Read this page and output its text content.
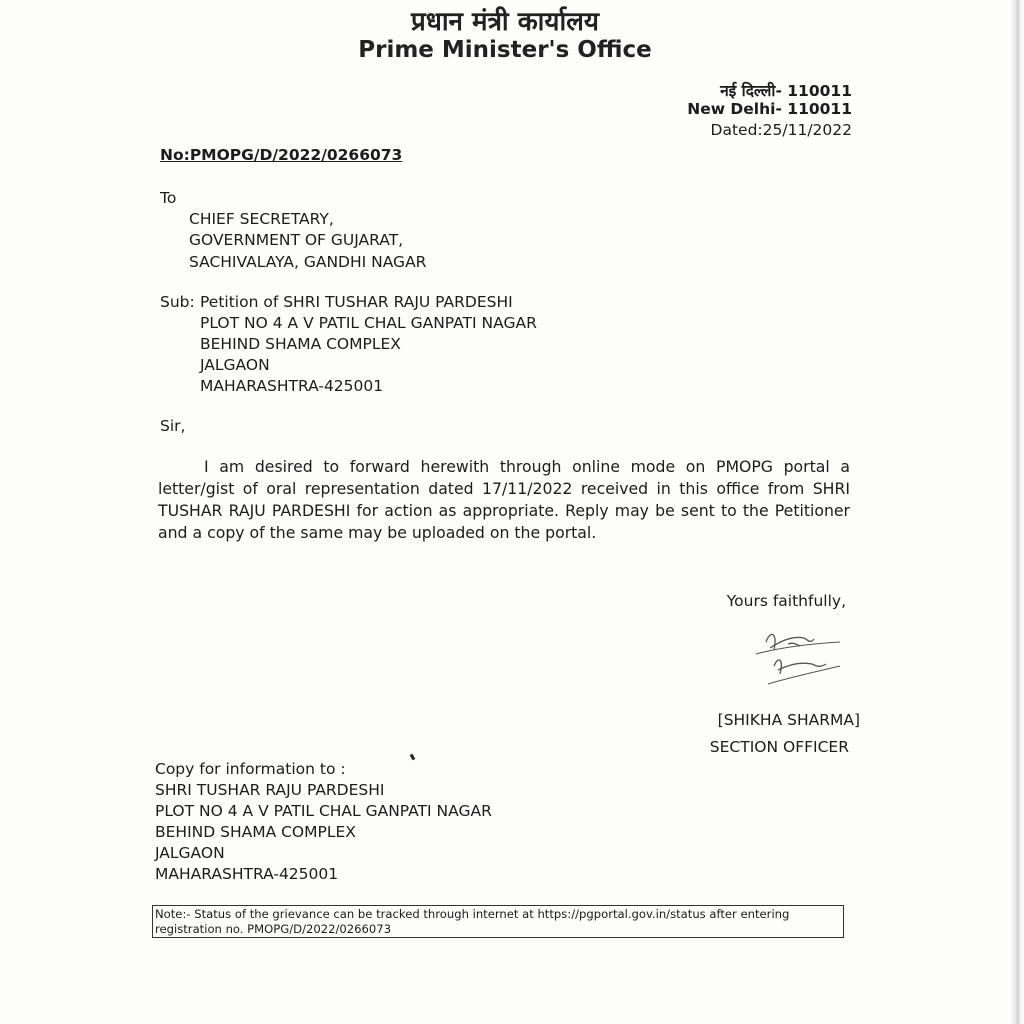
प्रधान मंत्री कार्यालय
Prime Minister's Office
नई दिल्ली- 110011
New Delhi- 110011
Dated:25/11/2022
No:PMOPG/D/2022/0266073
To
CHIEF SECRETARY,
GOVERNMENT OF GUJARAT,
SACHIVALAYA, GANDHI NAGAR
Sub: Petition of SHRI TUSHAR RAJU PARDESHI
PLOT NO 4 A V PATIL CHAL GANPATI NAGAR
BEHIND SHAMA COMPLEX
JALGAON
MAHARASHTRA-425001
Sir,
I am desired to forward herewith through online mode on PMOPG portal a letter/gist of oral representation dated 17/11/2022 received in this office from SHRI TUSHAR RAJU PARDESHI for action as appropriate. Reply may be sent to the Petitioner and a copy of the same may be uploaded on the portal.
Yours faithfully,
[SHIKHA SHARMA]
SECTION OFFICER
Copy for information to :
SHRI TUSHAR RAJU PARDESHI
PLOT NO 4 A V PATIL CHAL GANPATI NAGAR
BEHIND SHAMA COMPLEX
JALGAON
MAHARASHTRA-425001
Note:- Status of the grievance can be tracked through internet at https://pgportal.gov.in/status after entering registration no. PMOPG/D/2022/0266073
